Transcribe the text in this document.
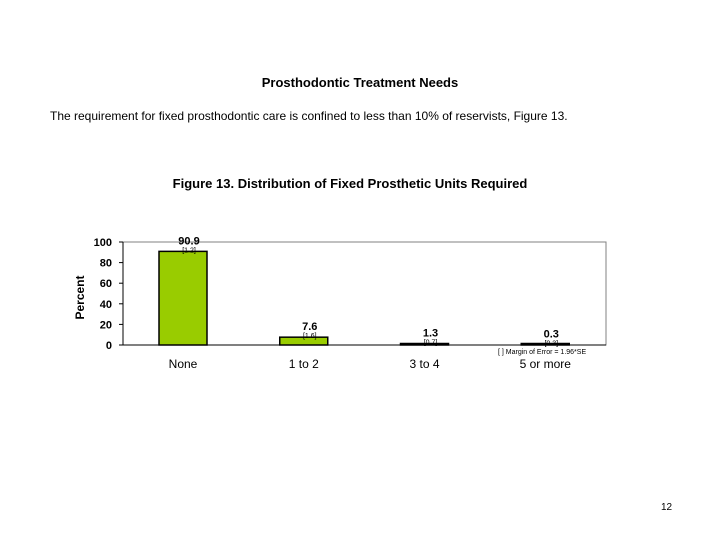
Prosthodontic Treatment Needs
The requirement for fixed prosthodontic care is confined to less than 10% of reservists, Figure 13.
Figure 13. Distribution of Fixed Prosthetic Units Required
0
20
40
60
80
100	90.9
[1.2]
None
7.6
[1.6]
1 to 2
1.3
[0.7]
3 to 4
0.3
[0.3]
5 or more
Percent
[ ] Margin of Error = 1.96*SE
12
